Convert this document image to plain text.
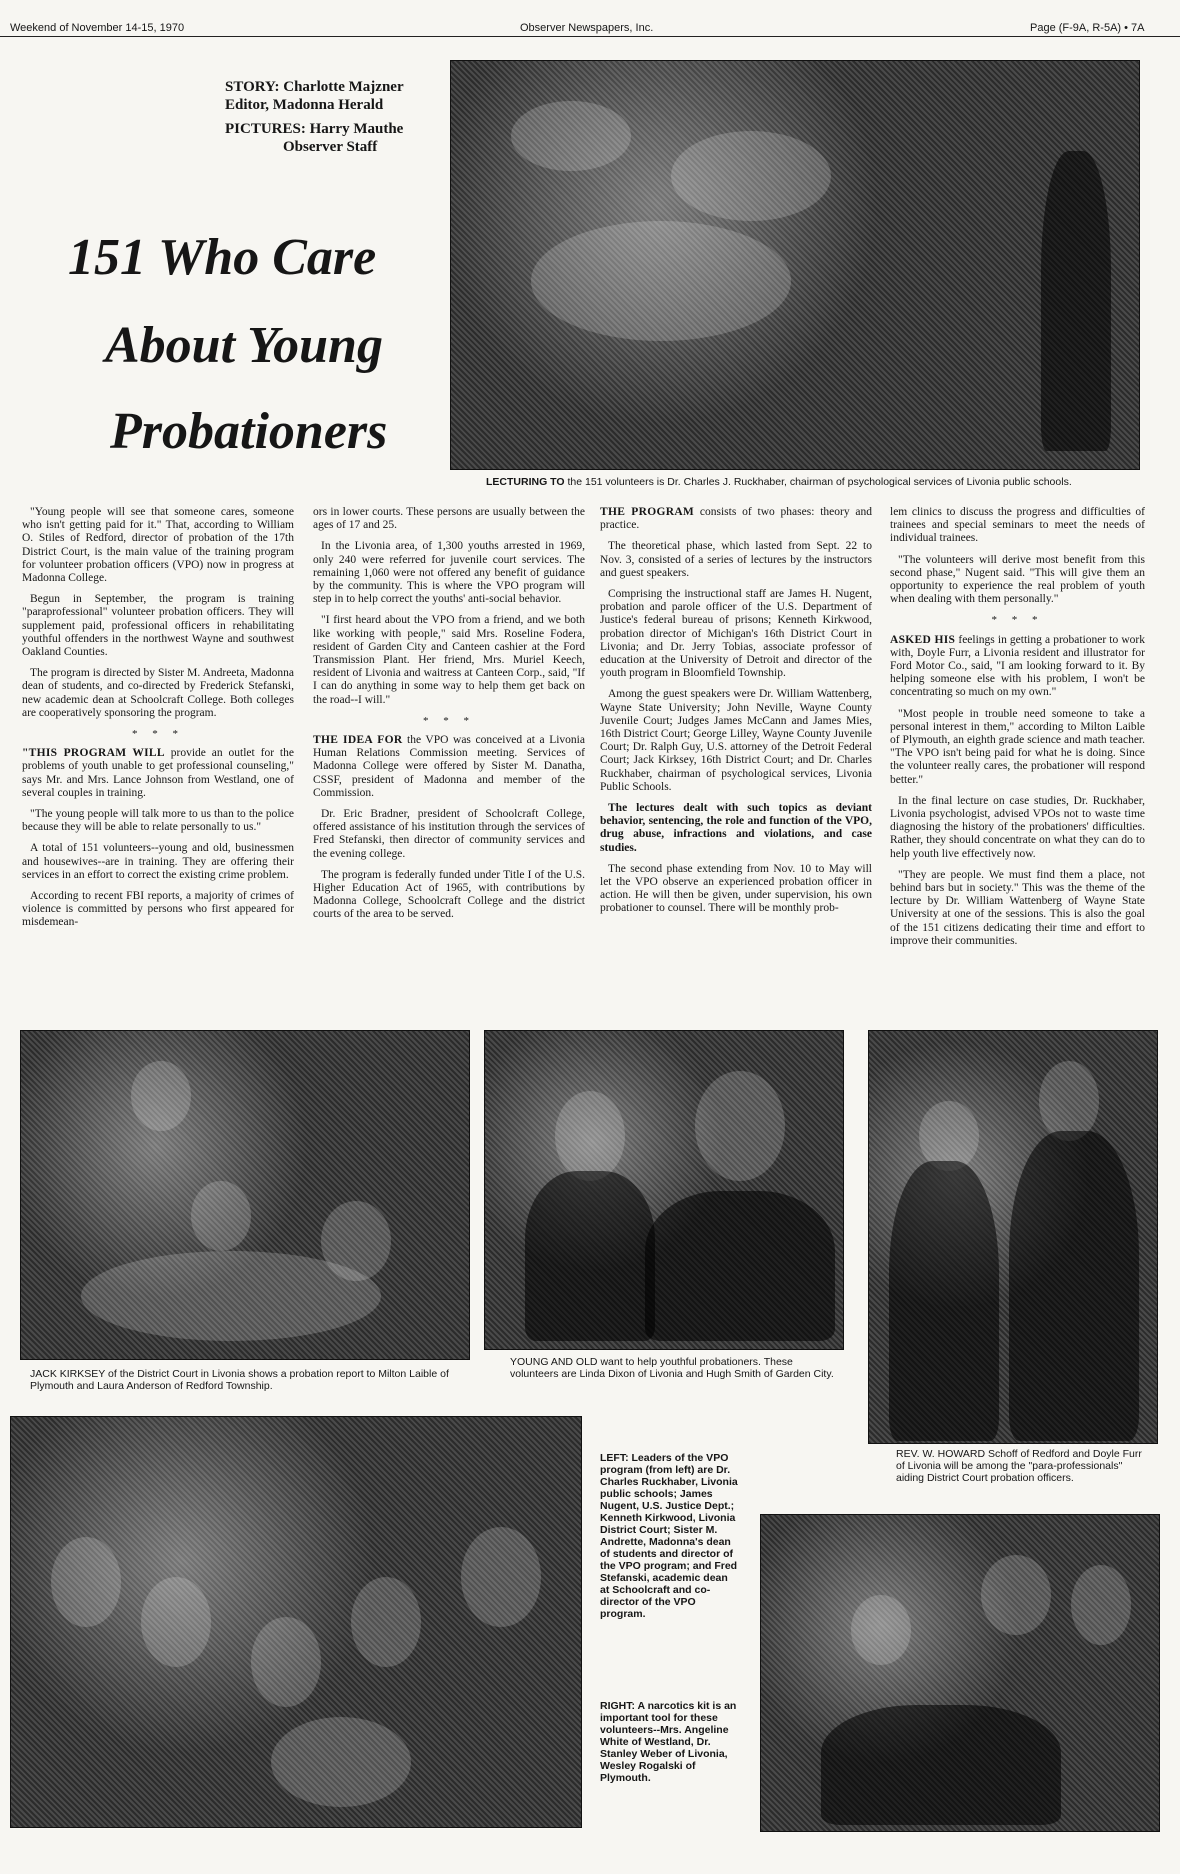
Weekend of November 14-15, 1970	Observer Newspapers, Inc.	Page (F-9A, R-5A) • 7A
STORY: Charlotte Majzner
Editor, Madonna Herald
PICTURES: Harry Mauthe
Observer Staff
151 Who Care
About Young
Probationers
LECTURING TO the 151 volunteers is Dr. Charles J. Ruckhaber, chairman of psychological services of Livonia public schools.

"Young people will see that someone cares, someone who isn't getting paid for it." That, according to William O. Stiles of Redford, director of probation of the 17th District Court, is the main value of the training program for volunteer probation officers (VPO) now in progress at Madonna College.

Begun in September, the program is training "paraprofessional" volunteer probation officers. They will supplement paid, professional officers in rehabilitating youthful offenders in the northwest Wayne and southwest Oakland Counties.

The program is directed by Sister M. Andreeta, Madonna dean of students, and co-directed by Frederick Stefanski, new academic dean at Schoolcraft College. Both colleges are cooperatively sponsoring the program.

* * *

"THIS PROGRAM WILL provide an outlet for the problems of youth unable to get professional counseling," says Mr. and Mrs. Lance Johnson from Westland, one of several couples in training.

"The young people will talk more to us than to the police because they will be able to relate personally to us."

A total of 151 volunteers--young and old, businessmen and housewives--are in training. They are offering their services in an effort to correct the existing crime problem.

According to recent FBI reports, a majority of crimes of violence is committed by persons who first appeared for misdemean-

ors in lower courts. These persons are usually between the ages of 17 and 25.

In the Livonia area, of 1,300 youths arrested in 1969, only 240 were referred for juvenile court services. The remaining 1,060 were not offered any benefit of guidance by the community. This is where the VPO program will step in to help correct the youths' anti-social behavior.

"I first heard about the VPO from a friend, and we both like working with people," said Mrs. Roseline Fodera, resident of Garden City and Canteen cashier at the Ford Transmission Plant. Her friend, Mrs. Muriel Keech, resident of Livonia and waitress at Canteen Corp., said, "If I can do anything in some way to help them get back on the road--I will."

* * *

THE IDEA FOR the VPO was conceived at a Livonia Human Relations Commission meeting. Services of Madonna College were offered by Sister M. Danatha, CSSF, president of Madonna and member of the Commission.

Dr. Eric Bradner, president of Schoolcraft College, offered assistance of his institution through the services of Fred Stefanski, then director of community services and the evening college.

The program is federally funded under Title I of the U.S. Higher Education Act of 1965, with contributions by Madonna College, Schoolcraft College and the district courts of the area to be served.

THE PROGRAM consists of two phases: theory and practice.

The theoretical phase, which lasted from Sept. 22 to Nov. 3, consisted of a series of lectures by the instructors and guest speakers.

Comprising the instructional staff are James H. Nugent, probation and parole officer of the U.S. Department of Justice's federal bureau of prisons; Kenneth Kirkwood, probation director of Michigan's 16th District Court in Livonia; and Dr. Jerry Tobias, associate professor of education at the University of Detroit and director of the youth program in Bloomfield Township.

Among the guest speakers were Dr. William Wattenberg, Wayne State University; John Neville, Wayne County Juvenile Court; Judges James McCann and James Mies, 16th District Court; George Lilley, Wayne County Juvenile Court; Dr. Ralph Guy, U.S. attorney of the Detroit Federal Court; Jack Kirksey, 16th District Court; and Dr. Charles Ruckhaber, chairman of psychological services, Livonia Public Schools.

The lectures dealt with such topics as deviant behavior, sentencing, the role and function of the VPO, drug abuse, infractions and violations, and case studies.

The second phase extending from Nov. 10 to May will let the VPO observe an experienced probation officer in action. He will then be given, under supervision, his own probationer to counsel. There will be monthly prob-

lem clinics to discuss the progress and difficulties of trainees and special seminars to meet the needs of individual trainees.

"The volunteers will derive most benefit from this second phase," Nugent said. "This will give them an opportunity to experience the real problem of youth when dealing with them personally."

* * *

ASKED HIS feelings in getting a probationer to work with, Doyle Furr, a Livonia resident and illustrator for Ford Motor Co., said, "I am looking forward to it. By helping someone else with his problem, I won't be concentrating so much on my own."

"Most people in trouble need someone to take a personal interest in them," according to Milton Laible of Plymouth, an eighth grade science and math teacher. "The VPO isn't being paid for what he is doing. Since the volunteer really cares, the probationer will respond better."

In the final lecture on case studies, Dr. Ruckhaber, Livonia psychologist, advised VPOs not to waste time diagnosing the history of the probationers' difficulties. Rather, they should concentrate on what they can do to help youth live effectively now.

"They are people. We must find them a place, not behind bars but in society." This was the theme of the lecture by Dr. William Wattenberg of Wayne State University at one of the sessions. This is also the goal of the 151 citizens dedicating their time and effort to improve their communities.

JACK KIRKSEY of the District Court in Livonia shows a probation report to Milton Laible of Plymouth and Laura Anderson of Redford Township.
YOUNG AND OLD want to help youthful probationers. These volunteers are Linda Dixon of Livonia and Hugh Smith of Garden City.
REV. W. HOWARD Schoff of Redford and Doyle Furr of Livonia will be among the "para-professionals" aiding District Court probation officers.
LEFT: Leaders of the VPO program (from left) are Dr. Charles Ruckhaber, Livonia public schools; James Nugent, U.S. Justice Dept.; Kenneth Kirkwood, Livonia District Court; Sister M. Andrette, Madonna's dean of students and director of the VPO program; and Fred Stefanski, academic dean at Schoolcraft and co-director of the VPO program.
RIGHT: A narcotics kit is an important tool for these volunteers--Mrs. Angeline White of Westland, Dr. Stanley Weber of Livonia, Wesley Rogalski of Plymouth.
